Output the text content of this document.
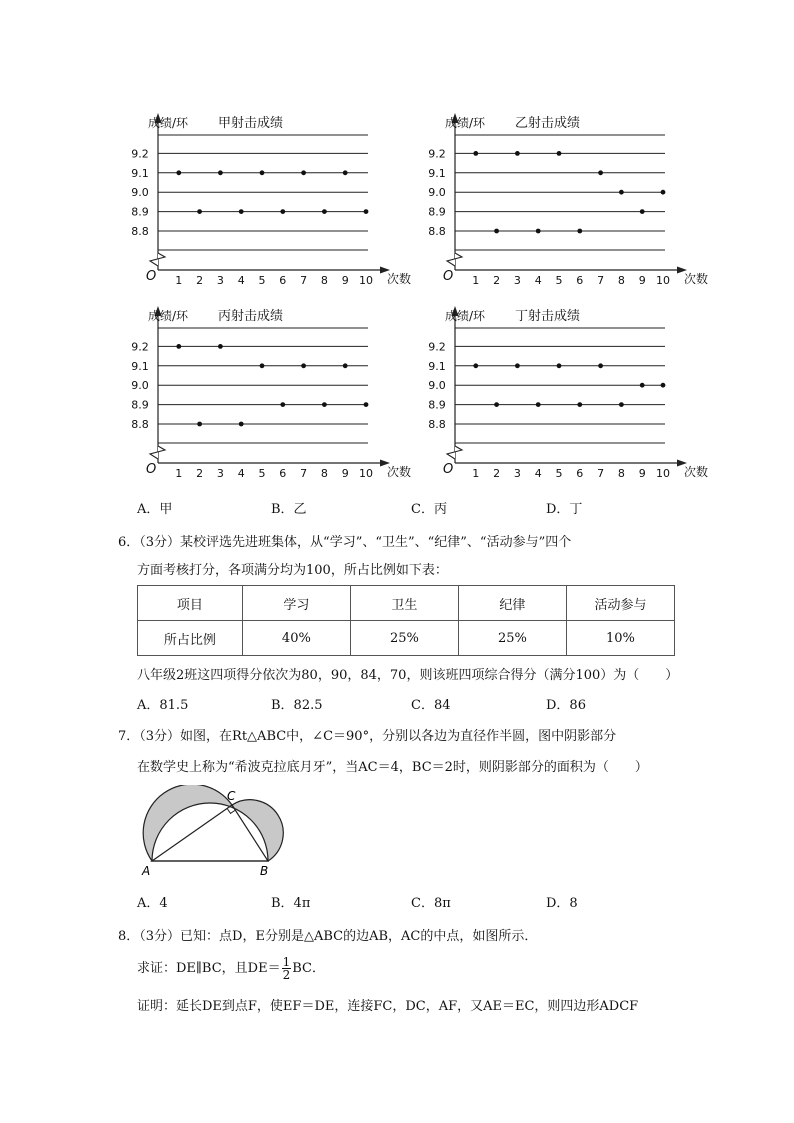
成绩/环 甲射击成绩
次数
O
9.2
9.1
9.0
8.9
8.8
1 2 3 4 5 6 7 8 9 10
成绩/环 乙射击成绩
次数
O
9.2
9.1
9.0
8.9
8.8
1 2 3 4 5 6 7 8 9 10
成绩/环 丙射击成绩
次数
O
9.2
9.1
9.0
8.9
8.8
1 2 3 4 5 6 7 8 9 10
成绩/环 丁射击成绩
次数
O
9.2
9.1
9.0
8.9
8.8
1 2 3 4 5 6 7 8 9 10
A．甲	B．乙	C．丙	D．丁
6．（3分）某校评选先进班集体，从“学习”、“卫生”、“纪律”、“活动参与”四个
方面考核打分，各项满分均为100，所占比例如下表：
项目	学习	卫生	纪律	活动参与
所占比例	40%	25%	25%	10%
八年级2班这四项得分依次为80，90，84，70，则该班四项综合得分（满分100）为（　　）
A．81.5	B．82.5	C．84	D．86
7．（3分）如图，在Rt△ABC中，∠C＝90°，分别以各边为直径作半圆，图中阴影部分
在数学史上称为“希波克拉底月牙”，当AC＝4，BC＝2时，则阴影部分的面积为（　　）
A	B
C
A．4	B．4π	C．8π	D．8
8．（3分）已知：点D，E分别是△ABC的边AB，AC的中点，如图所示．
求证：DE∥BC，且$DE= \frac{1}{2}$ BC．
证明：延长DE到点F，使EF＝DE，连接FC，DC，AF，又AE＝EC，则四边形ADCF
